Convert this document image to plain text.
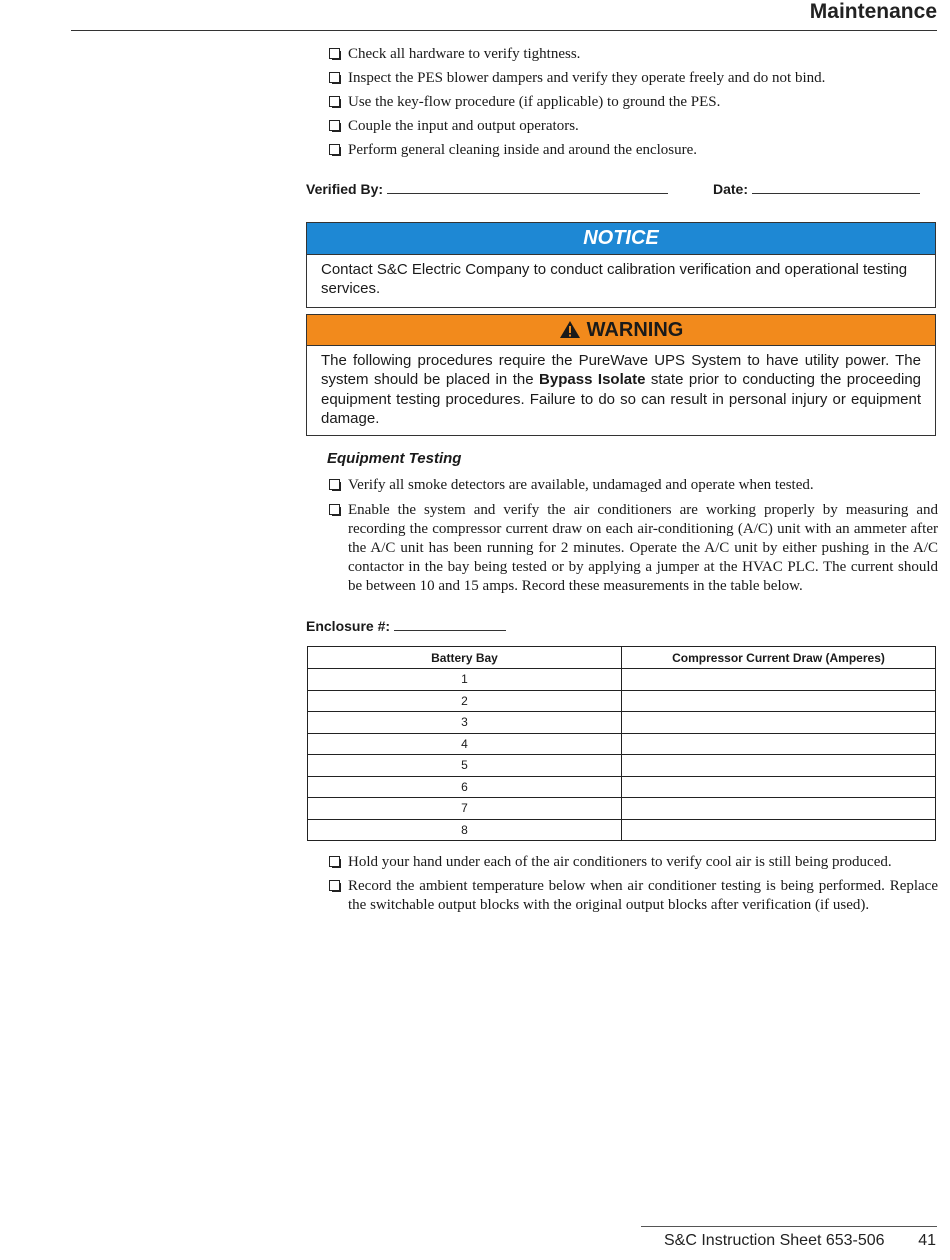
Maintenance
Check all hardware to verify tightness.
Inspect the PES blower dampers and verify they operate freely and do not bind.
Use the key-flow procedure (if applicable) to ground the PES.
Couple the input and output operators.
Perform general cleaning inside and around the enclosure.
Verified By:	Date:
NOTICE
Contact S&C Electric Company to conduct calibration verification and operational testing services.
WARNING
The following procedures require the PureWave UPS System to have utility power. The system should be placed in the Bypass Isolate state prior to conducting the proceeding equipment testing procedures. Failure to do so can result in personal injury or equipment damage.
Equipment Testing
Verify all smoke detectors are available, undamaged and operate when tested.
Enable the system and verify the air conditioners are working properly by measuring and recording the compressor current draw on each air-conditioning (A/C) unit with an ammeter after the A/C unit has been running for 2 minutes. Operate the A/C unit by either pushing in the A/C contactor in the bay being tested or by applying a jumper at the HVAC PLC. The current should be between 10 and 15 amps. Record these measurements in the table below.
Enclosure #:
Battery Bay	Compressor Current Draw (Amperes)
1	
2	
3	
4	
5	
6	
7	
8	
Hold your hand under each of the air conditioners to verify cool air is still being produced.
Record the ambient temperature below when air conditioner testing is being performed. Replace the switchable output blocks with the original output blocks after verification (if used).
S&C Instruction Sheet 653-506 41
